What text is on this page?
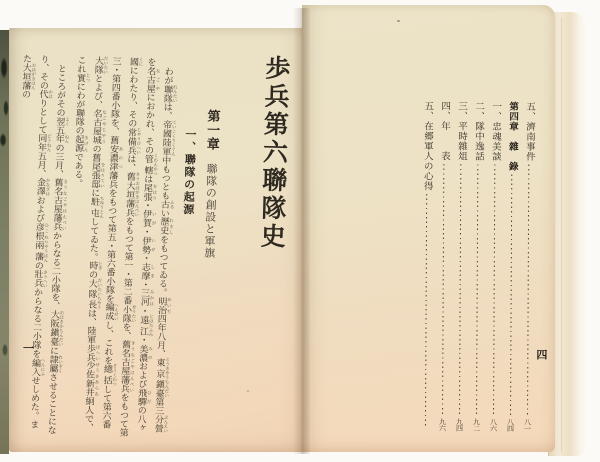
歩兵第六聯隊史
第一章　聯隊の創設と軍旗
一、聯隊の起源

わが聯隊 れんたいは、帝國 ていこく陸軍 りくぐん中もつとも古 ふるい歷史 れきしをもつてゐる。明治 めいぢ四年八月、東京 とうきやう鎭臺 ちんだい第三分營 ぶんえいを名古屋 なごやにおかれ、その管轄 くわんかつは尾張 をはり・伊賀 いが・伊勢 いせ・志摩 しま・三河 みかは・遠江 とほたふみ・美濃 みのおよび飛驒 ひだの八ヶ國 くににわたり、その常備兵 じやうびへいは、舊 きう大垣 おほがき藩兵 はんぺいをもつて第一・第二番小隊 せうたいを、舊名古屋藩兵きうなごやはんぺいをもつて第三・第四番小隊を、舊安濃津 あのつ藩兵をもつて第五・第六番小隊を編成 へんせいし、これを總括 そうくわつして第六番大隊 だいたいとよび、名古屋城 なごやじやうの舊尾張邸 をはりていに駐屯 ちゆうとんしてゐた。時 ときの大隊長 だいたいちやうは、陸軍歩兵 ほへい少佐 せうさ新井 あらゐ絅人で、これ實 じつにわが聯隊の起源 きげんである。

ところがその翌 よく五年 ねんの三月、舊名古屋藩兵きうなごやはんぺいからなる二小隊を、大阪 おほさか鎭臺 ちんだいに隷屬 れいぞくさせることになり、その代 かはりとして同年 どうねん五月、金澤 かなざはおよび彦根 ひこね兩藩 りやうはんの壯兵 さうへいからなる二小隊を編入 へんにふせしめた。また大垣藩 おほがきはんの

一
五、濟南事件
八一
第四章　雜　錄
八四
一、忠魂美談
八六
二、隊中逸話
九二
三、平時雜俎
九四
四、年　　表
九六
五、在郷軍人の心得
四
